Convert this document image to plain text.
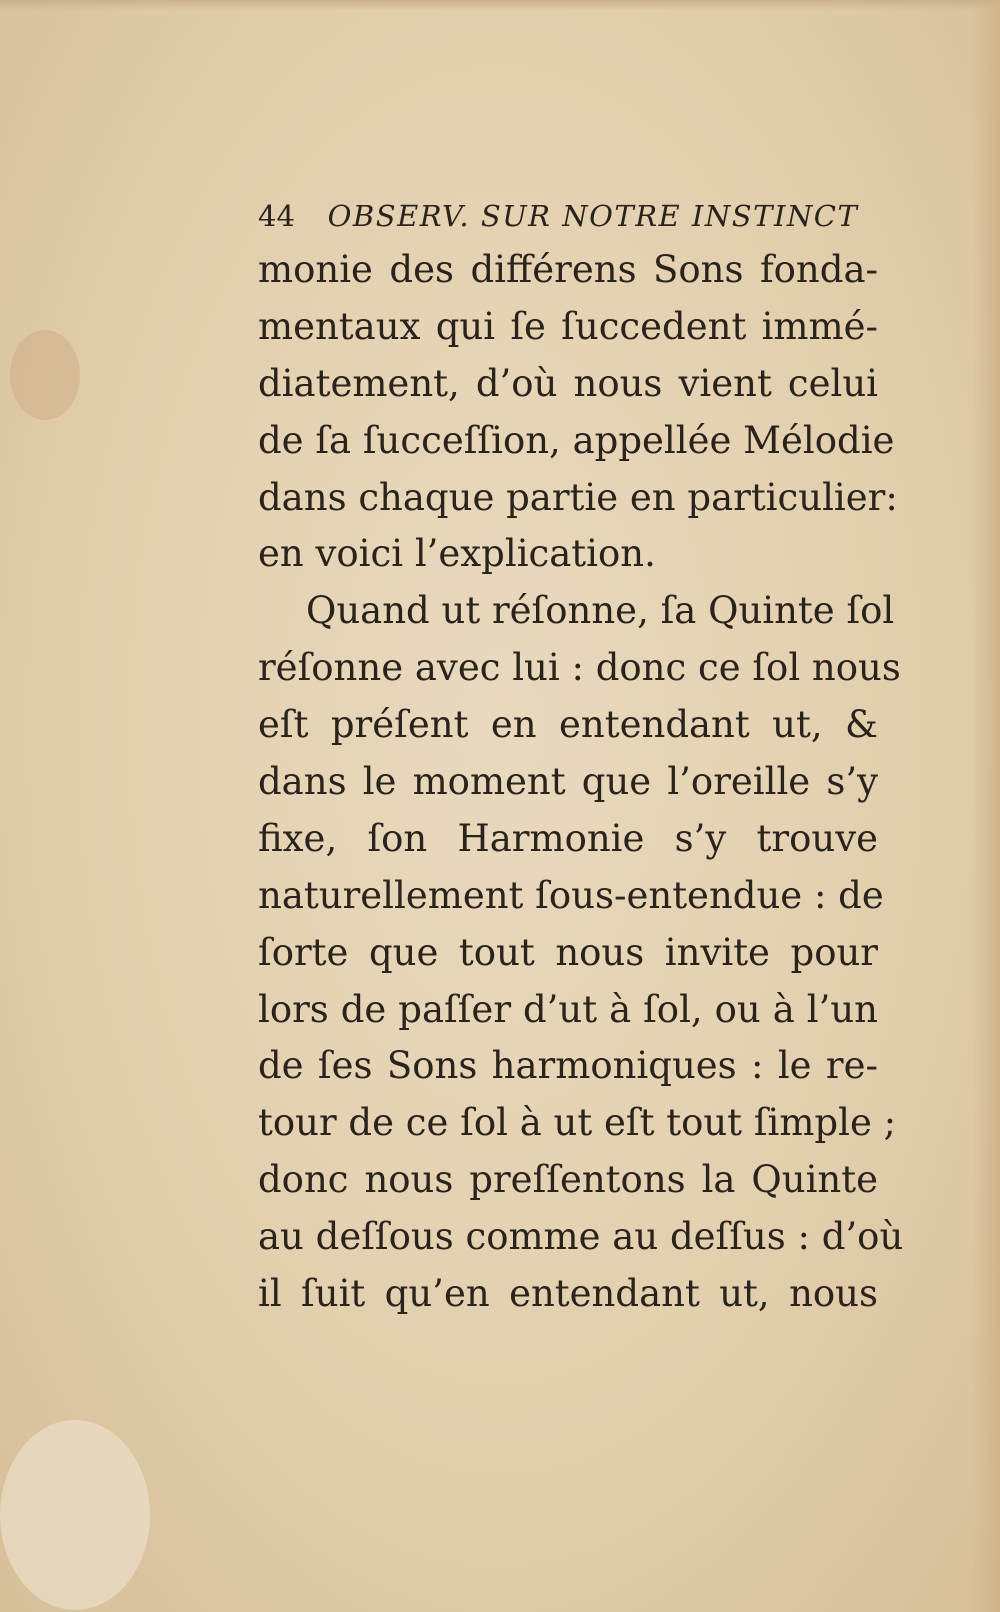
44 OBSERV. SUR NOTRE INSTINCT
monie des différens Sons fonda-
mentaux qui ſe ſuccedent immé-
diatement, d’où nous vient celui
de ſa ſucceſſion, appellée Mélodie
dans chaque partie en particulier:
en voici l’explication.
Quand ut réſonne, ſa Quinte ſol
réſonne avec lui : donc ce ſol nous
eſt préſent en entendant ut, &
dans le moment que l’oreille s’y
fixe, ſon Harmonie s’y trouve
naturellement ſous-entendue : de
ſorte que tout nous invite pour
lors de paſſer d’ut à ſol, ou à l’un
de ſes Sons harmoniques : le re-
tour de ce ſol à ut eſt tout ſimple ;
donc nous preſſentons la Quinte
au deſſous comme au deſſus : d’où
il ſuit qu’en entendant ut, nous
